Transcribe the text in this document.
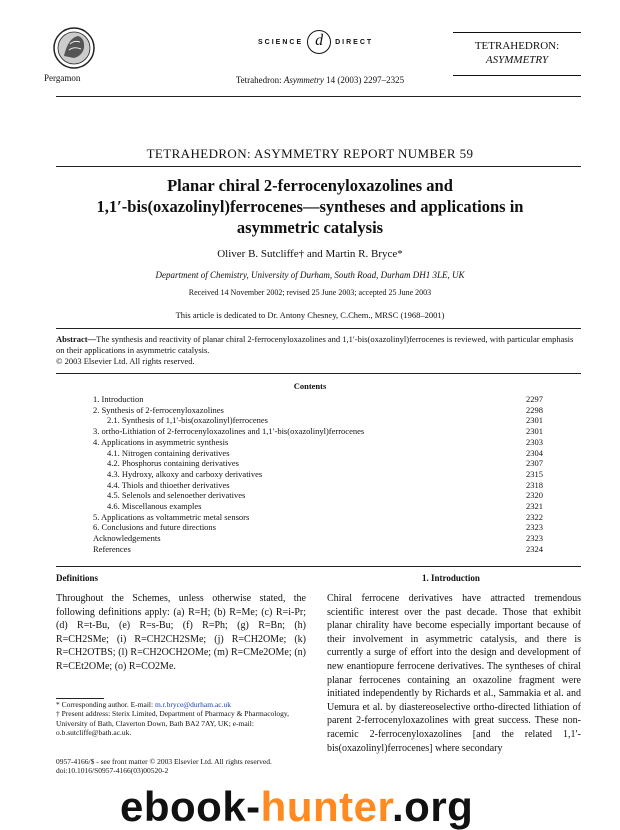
Pergamon
SCIENCE d	DIRECT
Tetrahedron: Asymmetry 14 (2003) 2297–2325
TETRAHEDRON:
ASYMMETRY
TETRAHEDRON: ASYMMETRY REPORT NUMBER 59
Planar chiral 2-ferrocenyloxazolines and
1,1′-bis(oxazolinyl)ferrocenes—syntheses and applications in
asymmetric catalysis
Oliver B. Sutcliffe† and Martin R. Bryce*
Department of Chemistry, University of Durham, South Road, Durham DH1 3LE, UK
Received 14 November 2002; revised 25 June 2003; accepted 25 June 2003
This article is dedicated to Dr. Antony Chesney, C.Chem., MRSC (1968–2001)
Abstract—The synthesis and reactivity of planar chiral 2-ferrocenyloxazolines and 1,1′-bis(oxazolinyl)ferrocenes is reviewed, with particular emphasis on their applications in asymmetric catalysis.
© 2003 Elsevier Ltd. All rights reserved.
Contents
1. Introduction	2297
2. Synthesis of 2-ferrocenyloxazolines	2298
2.1. Synthesis of 1,1′-bis(oxazolinyl)ferrocenes	2301
3. ortho-Lithiation of 2-ferrocenyloxazolines and 1,1′-bis(oxazolinyl)ferrocenes	2301
4. Applications in asymmetric synthesis	2303
4.1. Nitrogen containing derivatives	2304
4.2. Phosphorus containing derivatives	2307
4.3. Hydroxy, alkoxy and carboxy derivatives	2315
4.4. Thiols and thioether derivatives	2318
4.5. Selenols and selenoether derivatives	2320
4.6. Miscellanous examples	2321
5. Applications as voltammetric metal sensors	2322
6. Conclusions and future directions	2323
Acknowledgements	2323
References	2324
Definitions	1. Introduction
Throughout the Schemes, unless otherwise stated, the following definitions apply: (a) R=H; (b) R=Me; (c) R=i-Pr; (d) R=t-Bu, (e) R=s-Bu; (f) R=Ph; (g) R=Bn; (h) R=CH2SMe; (i) R=CH2CH2SMe; (j) R=CH2OMe; (k) R=CH2OTBS; (l) R=CH2OCH2OMe; (m) R=CMe2OMe; (n) R=CEt2OMe; (o) R=CO2Me.
Chiral ferrocene derivatives have attracted tremendous scientific interest over the past decade. Those that exhibit planar chirality have become especially important because of their involvement in asymmetric catalysis, and there is currently a surge of effort into the design and development of new enantiopure ferrocene derivatives. The syntheses of chiral planar ferrocenes containing an oxazoline fragment were initiated independently by Richards et al., Sammakia et al. and Uemura et al. by diastereoselective ortho-directed lithiation of parent 2-ferrocenyloxazolines with great success. These non-racemic 2-ferrocenyloxazolines [and the related 1,1′-bis(oxazolinyl)ferrocenes] where secondary
* Corresponding author. E-mail: m.r.bryce@durham.ac.uk
† Present address: Sterix Limited, Department of Pharmacy & Pharmacology, University of Bath, Claverton Down, Bath BA2 7AY, UK; e-mail: o.b.sutcliffe@bath.ac.uk.
0957-4166/$ - see front matter © 2003 Elsevier Ltd. All rights reserved.
doi:10.1016/S0957-4166(03)00520-2
ebook-hunter.org
